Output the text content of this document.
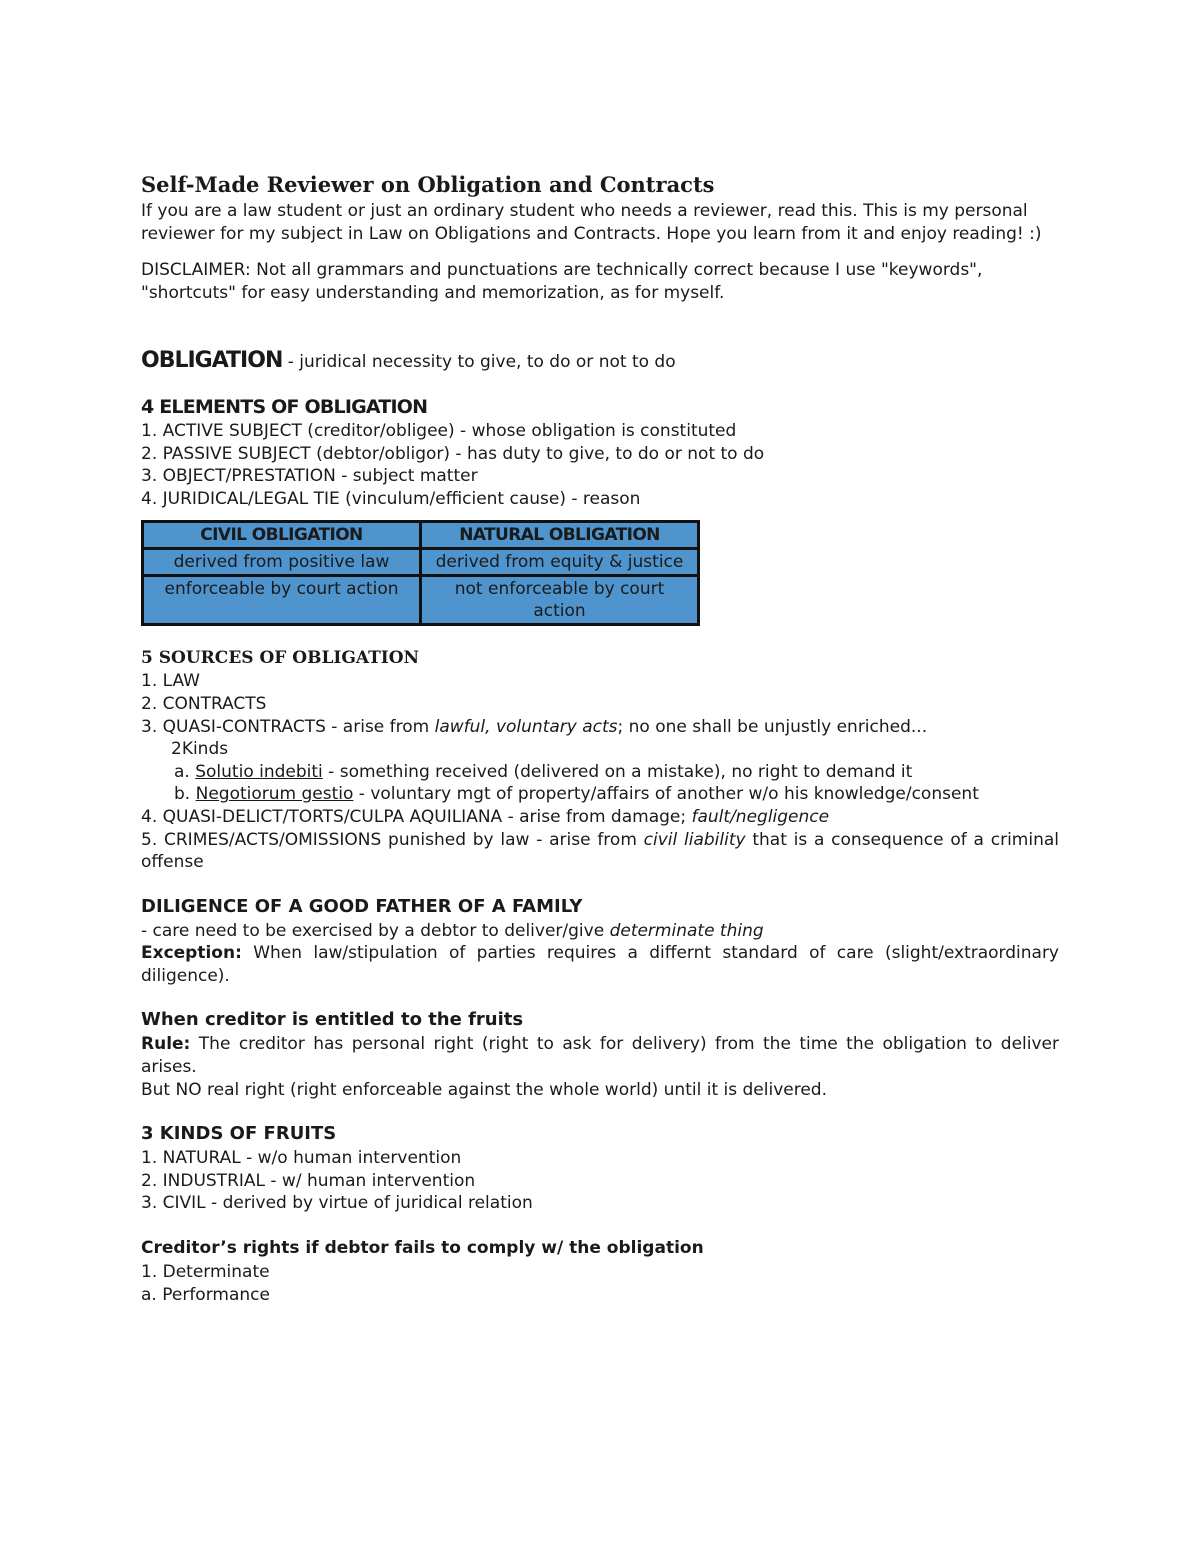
Self-Made Reviewer on Obligation and Contracts

If you are a law student or just an ordinary student who needs a reviewer, read this. This is my personal reviewer for my subject in Law on Obligations and Contracts. Hope you learn from it and enjoy reading! :)

DISCLAIMER: Not all grammars and punctuations are technically correct because I use "keywords", "shortcuts" for easy understanding and memorization, as for myself.

OBLIGATION - juridical necessity to give, to do or not to do

4 ELEMENTS OF OBLIGATION

1. ACTIVE SUBJECT (creditor/obligee) - whose obligation is constituted

2. PASSIVE SUBJECT (debtor/obligor) - has duty to give, to do or not to do

3. OBJECT/PRESTATION - subject matter

4. JURIDICAL/LEGAL TIE (vinculum/efficient cause) - reason

CIVIL OBLIGATION	NATURAL OBLIGATION
derived from positive law	derived from equity & justice
enforceable by court action	not enforceable by court action
5 SOURCES OF OBLIGATION

1. LAW

2. CONTRACTS

3. QUASI-CONTRACTS - arise from lawful, voluntary acts; no one shall be unjustly enriched...

2Kinds

a. Solutio indebiti - something received (delivered on a mistake), no right to demand it

b. Negotiorum gestio - voluntary mgt of property/affairs of another w/o his knowledge/consent

4. QUASI-DELICT/TORTS/CULPA AQUILIANA - arise from damage; fault/negligence

5. CRIMES/ACTS/OMISSIONS punished by law - arise from civil liability that is a consequence of a criminal offense

DILIGENCE OF A GOOD FATHER OF A FAMILY

- care need to be exercised by a debtor to deliver/give determinate thing

Exception: When law/stipulation of parties requires a differnt standard of care (slight/extraordinary diligence).

When creditor is entitled to the fruits

Rule: The creditor has personal right (right to ask for delivery) from the time the obligation to deliver arises.

But NO real right (right enforceable against the whole world) until it is delivered.

3 KINDS OF FRUITS

1. NATURAL - w/o human intervention

2. INDUSTRIAL - w/ human intervention

3. CIVIL - derived by virtue of juridical relation

Creditor’s rights if debtor fails to comply w/ the obligation

1. Determinate

a. Performance
